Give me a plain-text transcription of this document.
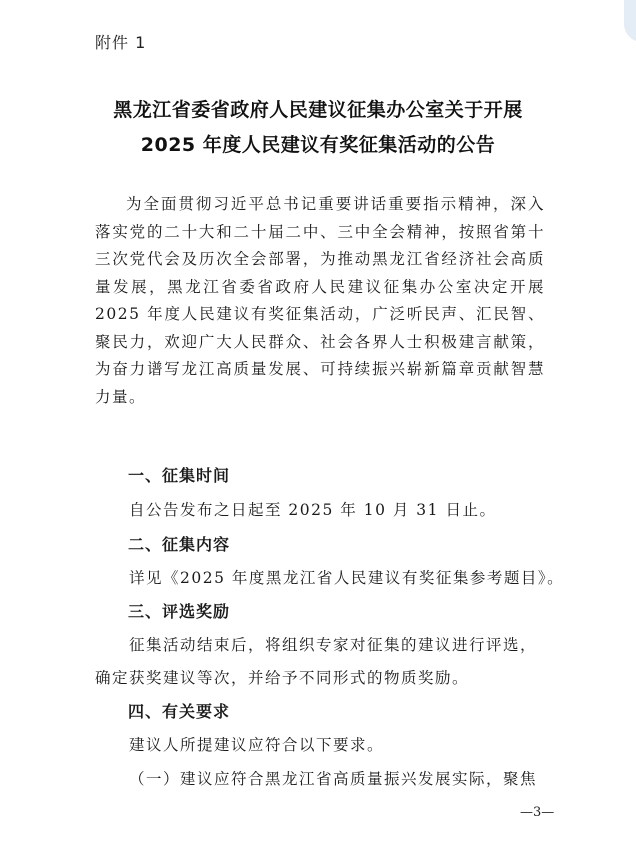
附件 1
黑龙江省委省政府人民建议征集办公室关于开展
2025 年度人民建议有奖征集活动的公告
为全面贯彻习近平总书记重要讲话重要指示精神，深入落实党的二十大和二十届二中、三中全会精神，按照省第十三次党代会及历次全会部署，为推动黑龙江省经济社会高质量发展，黑龙江省委省政府人民建议征集办公室决定开展2025 年度人民建议有奖征集活动，广泛听民声、汇民智、聚民力，欢迎广大人民群众、社会各界人士积极建言献策，为奋力谱写龙江高质量发展、可持续振兴崭新篇章贡献智慧力量。
一、征集时间
自公告发布之日起至 2025 年 10 月 31 日止。
二、征集内容
详见《2025 年度黑龙江省人民建议有奖征集参考题目》。
三、评选奖励
征集活动结束后，将组织专家对征集的建议进行评选，
确定获奖建议等次，并给予不同形式的物质奖励。
四、有关要求
建议人所提建议应符合以下要求。
（一）建议应符合黑龙江省高质量振兴发展实际，聚焦
—3—
